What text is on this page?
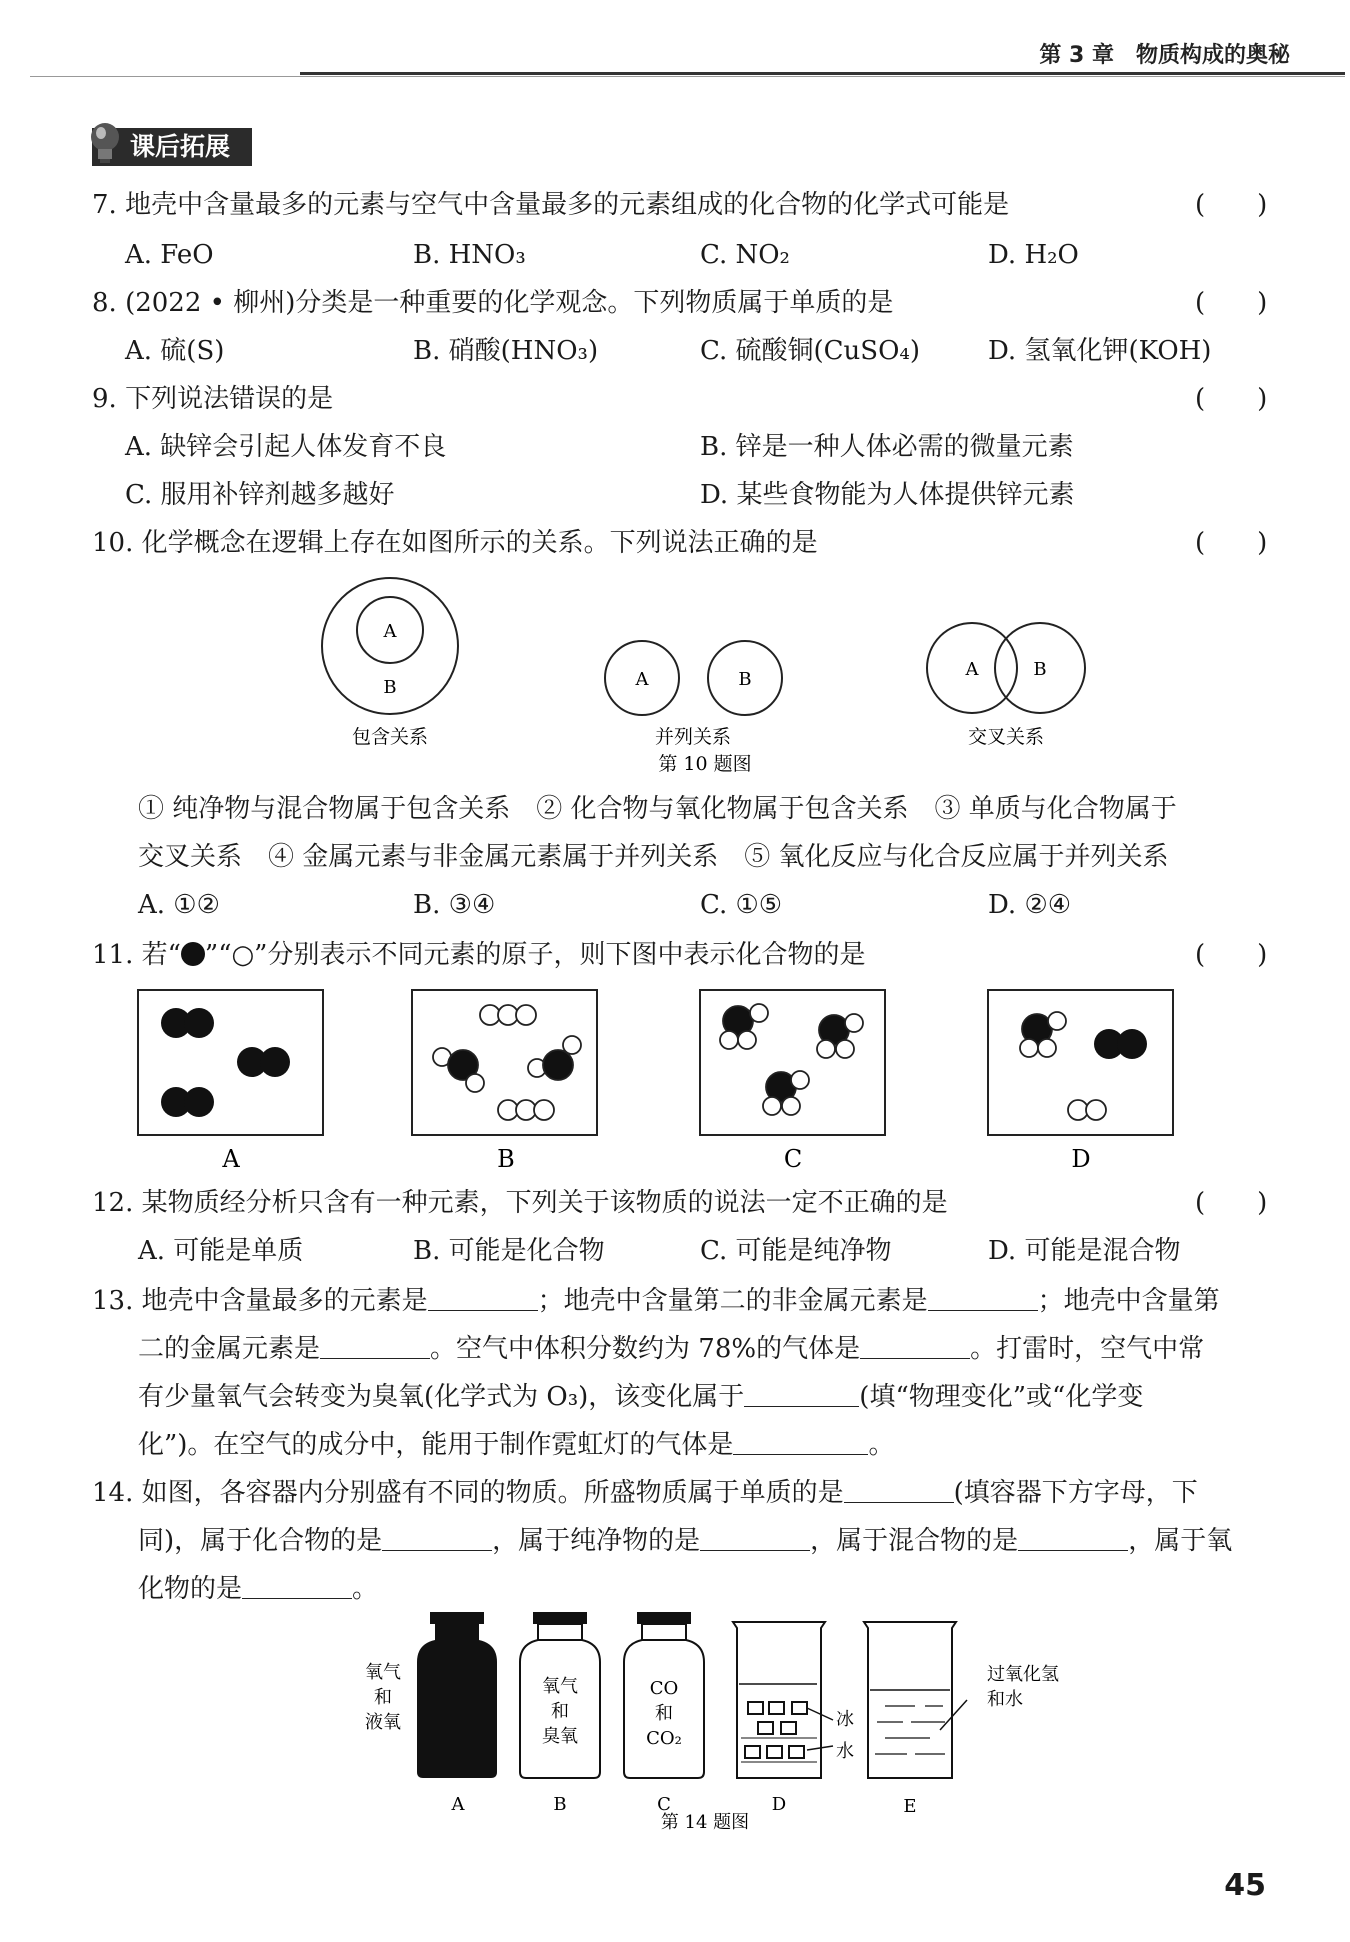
第 3 章　物质构成的奥秘
课后拓展
7. 地壳中含量最多的元素与空气中含量最多的元素组成的化合物的化学式可能是	(　　)
A. FeO	B. HNO₃	C. NO₂	D. H₂O
8. (2022 • 柳州)分类是一种重要的化学观念。下列物质属于单质的是	(　　)
A. 硫(S)	B. 硝酸(HNO₃)	C. 硫酸铜(CuSO₄)	D. 氢氧化钾(KOH)
9. 下列说法错误的是	(　　)
A. 缺锌会引起人体发育不良	B. 锌是一种人体必需的微量元素
C. 服用补锌剂越多越好	D. 某些食物能为人体提供锌元素
10. 化学概念在逻辑上存在如图所示的关系。下列说法正确的是	(　　)
A
B	A	B	A	B
包含关系	并列关系	交叉关系
第 10 题图
① 纯净物与混合物属于包含关系　② 化合物与氧化物属于包含关系　③ 单质与化合物属于
交叉关系　④ 金属元素与非金属元素属于并列关系　⑤ 氧化反应与化合反应属于并列关系
A. ①②	B. ③④	C. ①⑤	D. ②④
11. 若“ ”“○”分别表示不同元素的原子，则下图中表示化合物的是	(　　)
A	B	C	D
12. 某物质经分析只含有一种元素，下列关于该物质的说法一定不正确的是	(　　)
A. 可能是单质	B. 可能是化合物	C. 可能是纯净物	D. 可能是混合物
13. 地壳中含量最多的元素是	；地壳中含量第二的非金属元素是	；地壳中含量第
二的金属元素是	。空气中体积分数约为 78%的气体是	。打雷时，空气中常
有少量氧气会转变为臭氧(化学式为 O₃)，该变化属于	(填“物理变化”或“化学变
化”)。在空气的成分中，能用于制作霓虹灯的气体是	。
14. 如图，各容器内分别盛有不同的物质。所盛物质属于单质的是	(填容器下方字母，下
同)，属于化合物的是	，属于纯净物的是	，属于混合物的是	，属于氧
化物的是	。
氧气
和
液氧
氧气
和
臭氧
CO
和
CO₂
冰
水
过氧化氢
和水
A	B	C	D	E
第 14 题图
45
